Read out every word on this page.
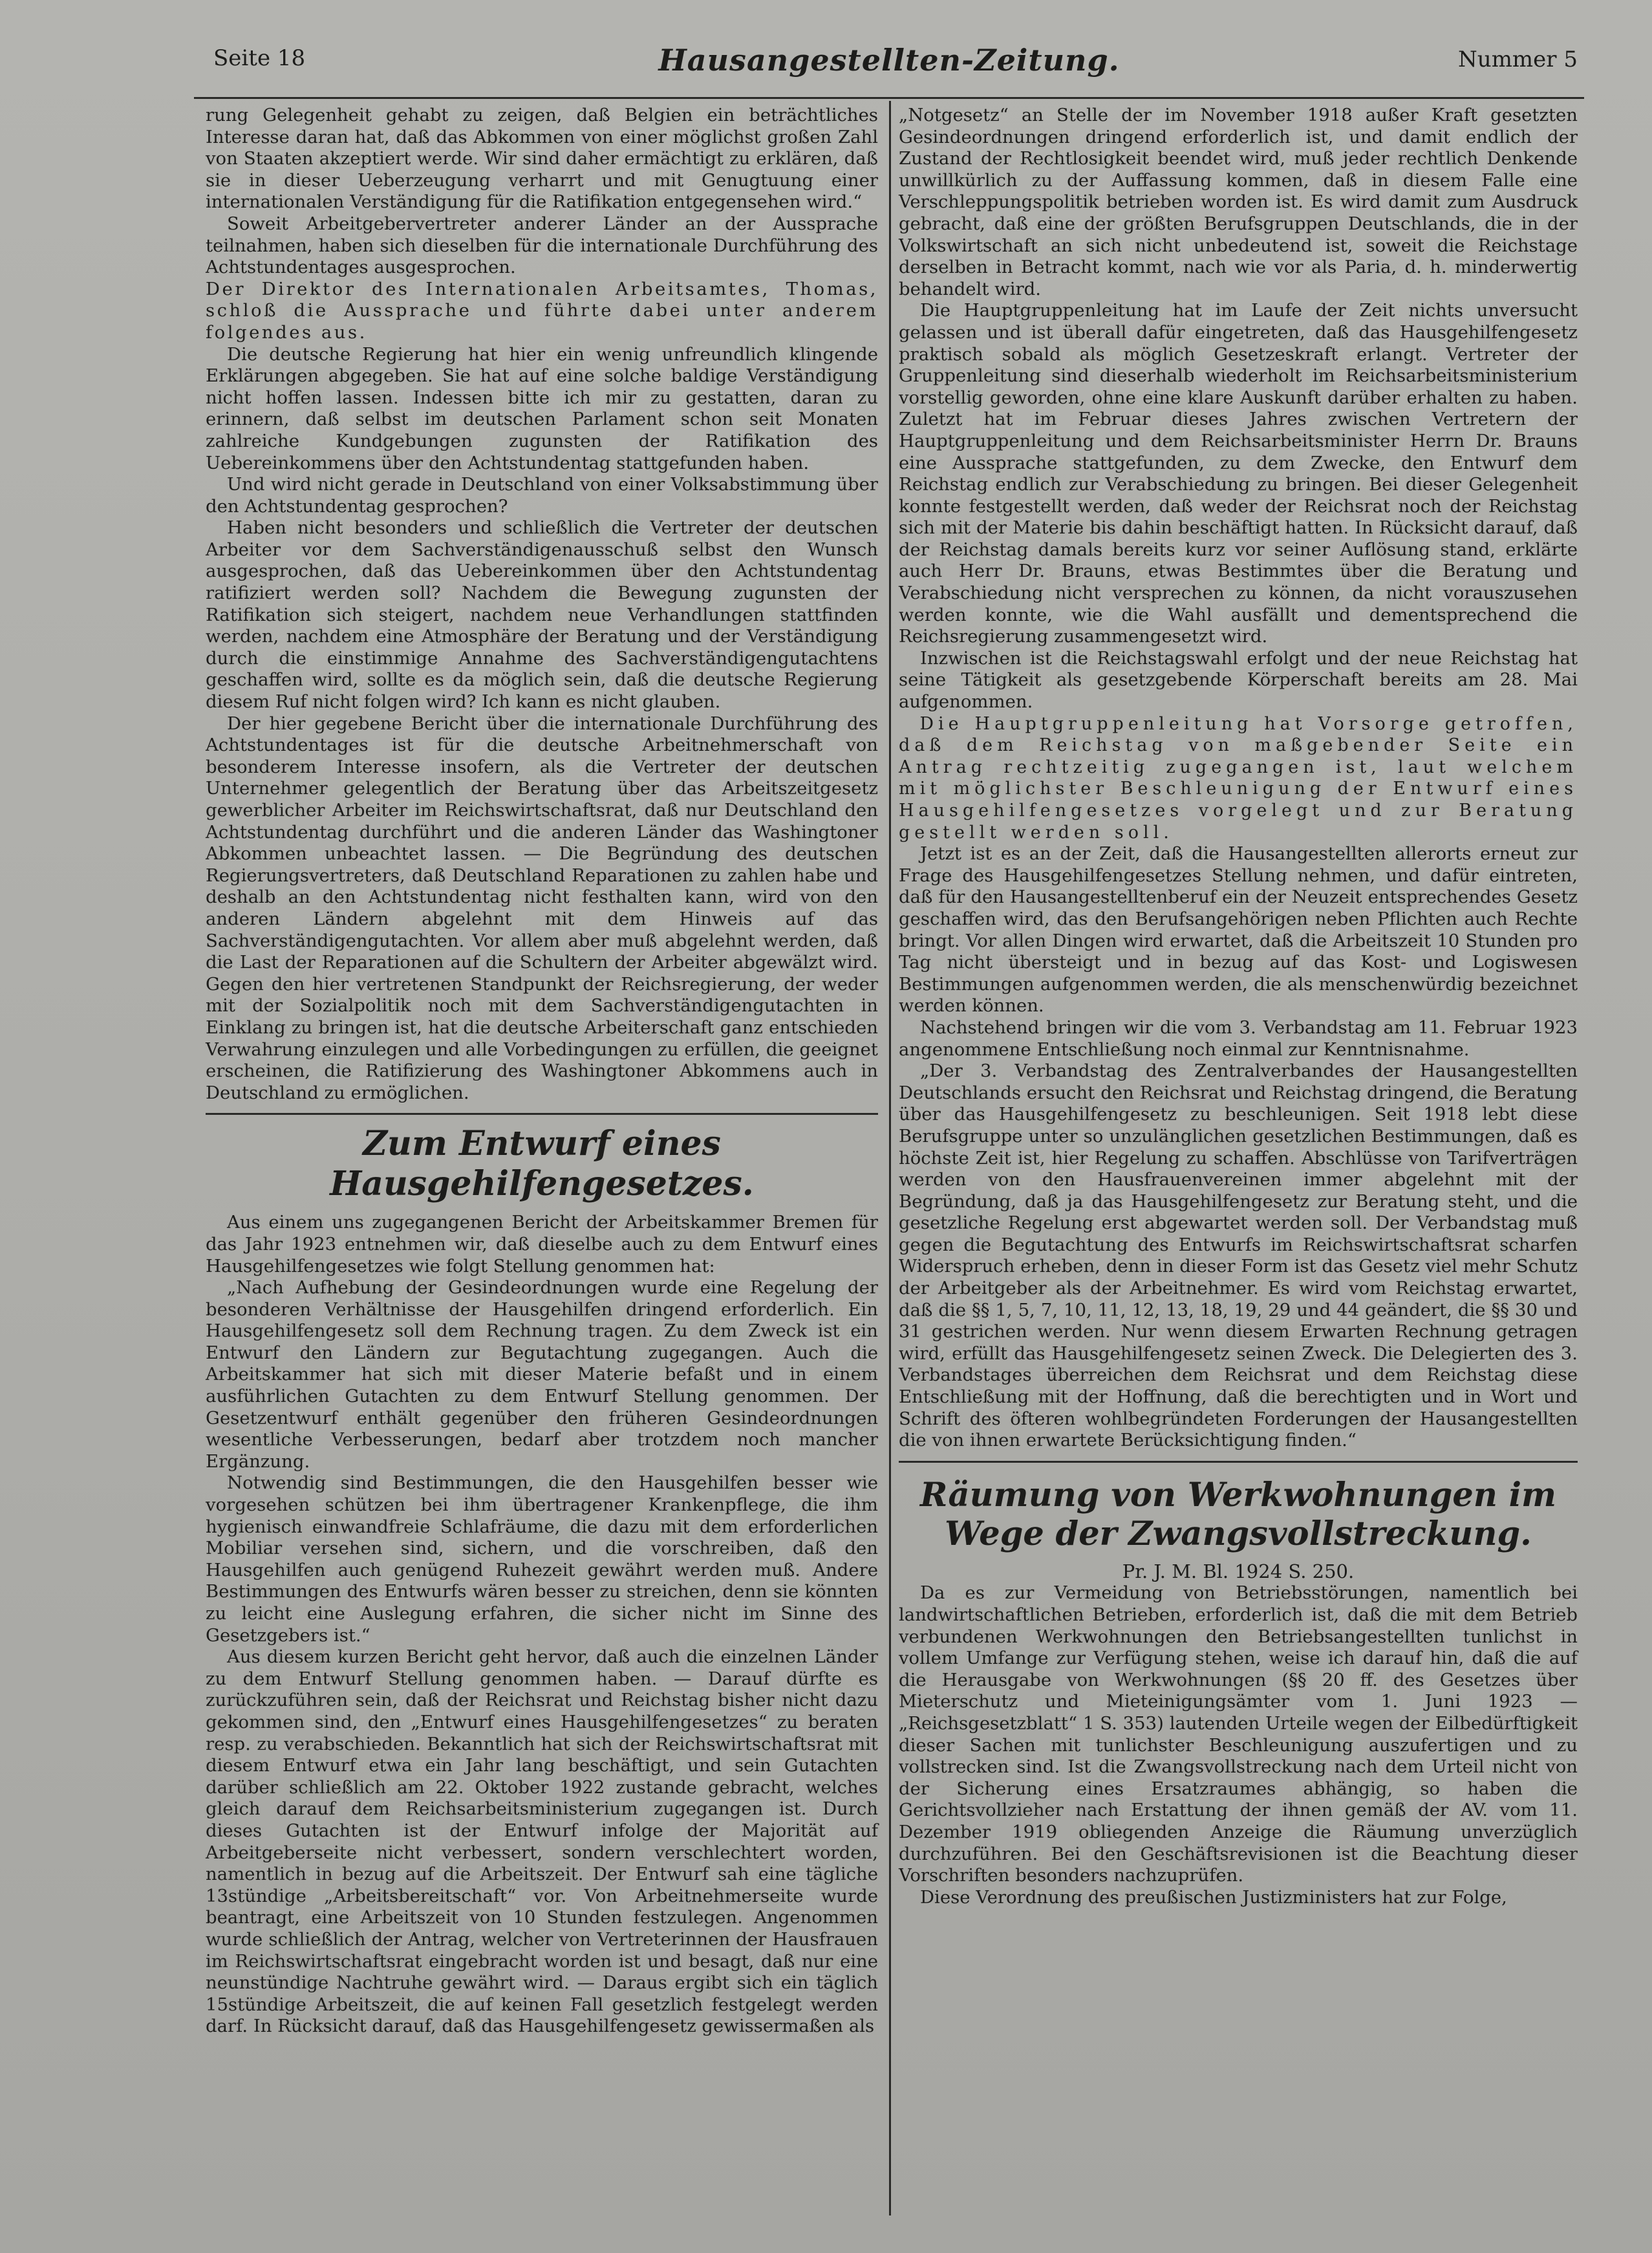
Seite 18	Hausangestellten-Zeitung.	Nummer 5

rung Gelegenheit gehabt zu zeigen, daß Belgien ein beträchtliches Interesse daran hat, daß das Abkommen von einer möglichst großen Zahl von Staaten akzeptiert werde. Wir sind daher ermächtigt zu erklären, daß sie in dieser Ueberzeugung verharrt und mit Genugtuung einer internationalen Verständigung für die Ratifikation entgegensehen wird.“

Soweit Arbeitgebervertreter anderer Länder an der Aussprache teilnahmen, haben sich dieselben für die internationale Durchführung des Achtstundentages ausgesprochen.

Der Direktor des Internationalen Arbeitsamtes, Thomas, schloß die Aussprache und führte dabei unter anderem folgendes aus.

Die deutsche Regierung hat hier ein wenig unfreundlich klingende Erklärungen abgegeben. Sie hat auf eine solche baldige Verständigung nicht hoffen lassen. Indessen bitte ich mir zu gestatten, daran zu erinnern, daß selbst im deutschen Parlament schon seit Monaten zahlreiche Kundgebungen zugunsten der Ratifikation des Uebereinkommens über den Achtstundentag stattgefunden haben.

Und wird nicht gerade in Deutschland von einer Volksabstimmung über den Achtstundentag gesprochen?

Haben nicht besonders und schließlich die Vertreter der deutschen Arbeiter vor dem Sachverständigenausschuß selbst den Wunsch ausgesprochen, daß das Uebereinkommen über den Achtstundentag ratifiziert werden soll? Nachdem die Bewegung zugunsten der Ratifikation sich steigert, nachdem neue Verhandlungen stattfinden werden, nachdem eine Atmosphäre der Beratung und der Verständigung durch die einstimmige Annahme des Sachverständigengutachtens geschaffen wird, sollte es da möglich sein, daß die deutsche Regierung diesem Ruf nicht folgen wird? Ich kann es nicht glauben.

Der hier gegebene Bericht über die internationale Durchführung des Achtstundentages ist für die deutsche Arbeitnehmerschaft von besonderem Interesse insofern, als die Vertreter der deutschen Unternehmer gelegentlich der Beratung über das Arbeitszeitgesetz gewerblicher Arbeiter im Reichswirtschaftsrat, daß nur Deutschland den Achtstundentag durchführt und die anderen Länder das Washingtoner Abkommen unbeachtet lassen. — Die Begründung des deutschen Regierungsvertreters, daß Deutschland Reparationen zu zahlen habe und deshalb an den Achtstundentag nicht festhalten kann, wird von den anderen Ländern abgelehnt mit dem Hinweis auf das Sachverständigengutachten. Vor allem aber muß abgelehnt werden, daß die Last der Reparationen auf die Schultern der Arbeiter abgewälzt wird. Gegen den hier vertretenen Standpunkt der Reichsregierung, der weder mit der Sozialpolitik noch mit dem Sachverständigengutachten in Einklang zu bringen ist, hat die deutsche Arbeiterschaft ganz entschieden Verwahrung einzulegen und alle Vorbedingungen zu erfüllen, die geeignet erscheinen, die Ratifizierung des Washingtoner Abkommens auch in Deutschland zu ermöglichen.

Zum Entwurf eines Hausgehilfengesetzes.

Aus einem uns zugegangenen Bericht der Arbeitskammer Bremen für das Jahr 1923 entnehmen wir, daß dieselbe auch zu dem Entwurf eines Hausgehilfengesetzes wie folgt Stellung genommen hat:

„Nach Aufhebung der Gesindeordnungen wurde eine Regelung der besonderen Verhältnisse der Hausgehilfen dringend erforderlich. Ein Hausgehilfengesetz soll dem Rechnung tragen. Zu dem Zweck ist ein Entwurf den Ländern zur Begutachtung zugegangen. Auch die Arbeitskammer hat sich mit dieser Materie befaßt und in einem ausführlichen Gutachten zu dem Entwurf Stellung genommen. Der Gesetzentwurf enthält gegenüber den früheren Gesindeordnungen wesentliche Verbesserungen, bedarf aber trotzdem noch mancher Ergänzung.

Notwendig sind Bestimmungen, die den Hausgehilfen besser wie vorgesehen schützen bei ihm übertragener Krankenpflege, die ihm hygienisch einwandfreie Schlafräume, die dazu mit dem erforderlichen Mobiliar versehen sind, sichern, und die vorschreiben, daß den Hausgehilfen auch genügend Ruhezeit gewährt werden muß. Andere Bestimmungen des Entwurfs wären besser zu streichen, denn sie könnten zu leicht eine Auslegung erfahren, die sicher nicht im Sinne des Gesetzgebers ist.“

Aus diesem kurzen Bericht geht hervor, daß auch die einzelnen Länder zu dem Entwurf Stellung genommen haben. — Darauf dürfte es zurückzuführen sein, daß der Reichsrat und Reichstag bisher nicht dazu gekommen sind, den „Entwurf eines Hausgehilfengesetzes“ zu beraten resp. zu verabschieden. Bekanntlich hat sich der Reichswirtschaftsrat mit diesem Entwurf etwa ein Jahr lang beschäftigt, und sein Gutachten darüber schließlich am 22. Oktober 1922 zustande gebracht, welches gleich darauf dem Reichsarbeitsministerium zugegangen ist. Durch dieses Gutachten ist der Entwurf infolge der Majorität auf Arbeitgeberseite nicht verbessert, sondern verschlechtert worden, namentlich in bezug auf die Arbeitszeit. Der Entwurf sah eine tägliche 13stündige „Arbeitsbereitschaft“ vor. Von Arbeitnehmerseite wurde beantragt, eine Arbeitszeit von 10 Stunden festzulegen. Angenommen wurde schließlich der Antrag, welcher von Vertreterinnen der Hausfrauen im Reichswirtschaftsrat eingebracht worden ist und besagt, daß nur eine neunstündige Nachtruhe gewährt wird. — Daraus ergibt sich ein täglich 15stündige Arbeitszeit, die auf keinen Fall gesetzlich festgelegt werden darf. In Rücksicht darauf, daß das Hausgehilfengesetz gewissermaßen als

„Notgesetz“ an Stelle der im November 1918 außer Kraft gesetzten Gesindeordnungen dringend erforderlich ist, und damit endlich der Zustand der Rechtlosigkeit beendet wird, muß jeder rechtlich Denkende unwillkürlich zu der Auffassung kommen, daß in diesem Falle eine Verschleppungspolitik betrieben worden ist. Es wird damit zum Ausdruck gebracht, daß eine der größten Berufsgruppen Deutschlands, die in der Volkswirtschaft an sich nicht unbedeutend ist, soweit die Reichstage derselben in Betracht kommt, nach wie vor als Paria, d. h. minderwertig behandelt wird.

Die Hauptgruppenleitung hat im Laufe der Zeit nichts unversucht gelassen und ist überall dafür eingetreten, daß das Hausgehilfengesetz praktisch sobald als möglich Gesetzeskraft erlangt. Vertreter der Gruppenleitung sind dieserhalb wiederholt im Reichsarbeitsministerium vorstellig geworden, ohne eine klare Auskunft darüber erhalten zu haben. Zuletzt hat im Februar dieses Jahres zwischen Vertretern der Hauptgruppenleitung und dem Reichsarbeitsminister Herrn Dr. Brauns eine Aussprache stattgefunden, zu dem Zwecke, den Entwurf dem Reichstag endlich zur Verabschiedung zu bringen. Bei dieser Gelegenheit konnte festgestellt werden, daß weder der Reichsrat noch der Reichstag sich mit der Materie bis dahin beschäftigt hatten. In Rücksicht darauf, daß der Reichstag damals bereits kurz vor seiner Auflösung stand, erklärte auch Herr Dr. Brauns, etwas Bestimmtes über die Beratung und Verabschiedung nicht versprechen zu können, da nicht vorauszusehen werden konnte, wie die Wahl ausfällt und dementsprechend die Reichsregierung zusammengesetzt wird.

Inzwischen ist die Reichstagswahl erfolgt und der neue Reichstag hat seine Tätigkeit als gesetzgebende Körperschaft bereits am 28. Mai aufgenommen.

Die Hauptgruppenleitung hat Vorsorge getroffen, daß dem Reichstag von maßgebender Seite ein Antrag rechtzeitig zugegangen ist, laut welchem mit möglichster Beschleunigung der Entwurf eines Hausgehilfengesetzes vorgelegt und zur Beratung gestellt werden soll.

Jetzt ist es an der Zeit, daß die Hausangestellten allerorts erneut zur Frage des Hausgehilfengesetzes Stellung nehmen, und dafür eintreten, daß für den Hausangestelltenberuf ein der Neuzeit entsprechendes Gesetz geschaffen wird, das den Berufsangehörigen neben Pflichten auch Rechte bringt. Vor allen Dingen wird erwartet, daß die Arbeitszeit 10 Stunden pro Tag nicht übersteigt und in bezug auf das Kost- und Logiswesen Bestimmungen aufgenommen werden, die als menschenwürdig bezeichnet werden können.

Nachstehend bringen wir die vom 3. Verbandstag am 11. Februar 1923 angenommene Entschließung noch einmal zur Kenntnisnahme.

„Der 3. Verbandstag des Zentralverbandes der Hausangestellten Deutschlands ersucht den Reichsrat und Reichstag dringend, die Beratung über das Hausgehilfengesetz zu beschleunigen. Seit 1918 lebt diese Berufsgruppe unter so unzulänglichen gesetzlichen Bestimmungen, daß es höchste Zeit ist, hier Regelung zu schaffen. Abschlüsse von Tarifverträgen werden von den Hausfrauenvereinen immer abgelehnt mit der Begründung, daß ja das Hausgehilfengesetz zur Beratung steht, und die gesetzliche Regelung erst abgewartet werden soll. Der Verbandstag muß gegen die Begutachtung des Entwurfs im Reichswirtschaftsrat scharfen Widerspruch erheben, denn in dieser Form ist das Gesetz viel mehr Schutz der Arbeitgeber als der Arbeitnehmer. Es wird vom Reichstag erwartet, daß die §§ 1, 5, 7, 10, 11, 12, 13, 18, 19, 29 und 44 geändert, die §§ 30 und 31 gestrichen werden. Nur wenn diesem Erwarten Rechnung getragen wird, erfüllt das Hausgehilfengesetz seinen Zweck. Die Delegierten des 3. Verbandstages überreichen dem Reichsrat und dem Reichstag diese Entschließung mit der Hoffnung, daß die berechtigten und in Wort und Schrift des öfteren wohlbegründeten Forderungen der Hausangestellten die von ihnen erwartete Berücksichtigung finden.“

Räumung von Werkwohnungen im Wege der Zwangsvollstreckung.

Pr. J. M. Bl. 1924 S. 250.

Da es zur Vermeidung von Betriebsstörungen, namentlich bei landwirtschaftlichen Betrieben, erforderlich ist, daß die mit dem Betrieb verbundenen Werkwohnungen den Betriebsangestellten tunlichst in vollem Umfange zur Verfügung stehen, weise ich darauf hin, daß die auf die Herausgabe von Werkwohnungen (§§ 20 ff. des Gesetzes über Mieterschutz und Mieteinigungsämter vom 1. Juni 1923 — „Reichsgesetzblatt“ 1 S. 353) lautenden Urteile wegen der Eilbedürftigkeit dieser Sachen mit tunlichster Beschleunigung auszufertigen und zu vollstrecken sind. Ist die Zwangsvollstreckung nach dem Urteil nicht von der Sicherung eines Ersatzraumes abhängig, so haben die Gerichtsvollzieher nach Erstattung der ihnen gemäß der AV. vom 11. Dezember 1919 obliegenden Anzeige die Räumung unverzüglich durchzuführen. Bei den Geschäftsrevisionen ist die Beachtung dieser Vorschriften besonders nachzuprüfen.

Diese Verordnung des preußischen Justizministers hat zur Folge,
